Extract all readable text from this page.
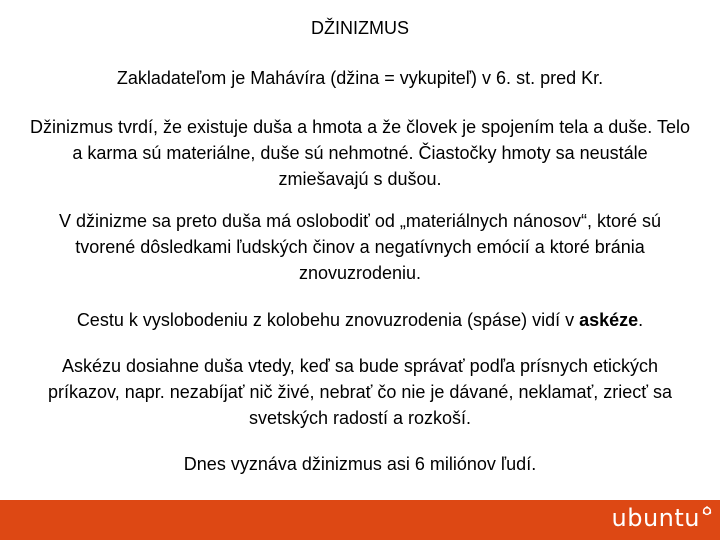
DŽINIZMUS

Zakladateľom je Mahávíra (džina = vykupiteľ) v 6. st. pred Kr.

Džinizmus tvrdí, že existuje duša a hmota a že človek je spojením tela a duše. Telo a karma sú materiálne, duše sú nehmotné. Čiastočky hmoty sa neustále zmiešavajú s dušou.

V džinizme sa preto duša má oslobodiť od „materiálnych nánosov“, ktoré sú tvorené dôsledkami ľudských činov a negatívnych emócií a ktoré bránia znovuzrodeniu.

Cestu k vyslobodeniu z kolobehu znovuzrodenia (spáse) vidí v askéze.

Askézu dosiahne duša vtedy, keď sa bude správať podľa prísnych etických príkazov, napr. nezabíjať nič živé, nebrať čo nie je dávané, neklamať, zriecť sa svetských radostí a rozkoší.

Dnes vyznáva džinizmus asi 6 miliónov ľudí.

ubuntu
